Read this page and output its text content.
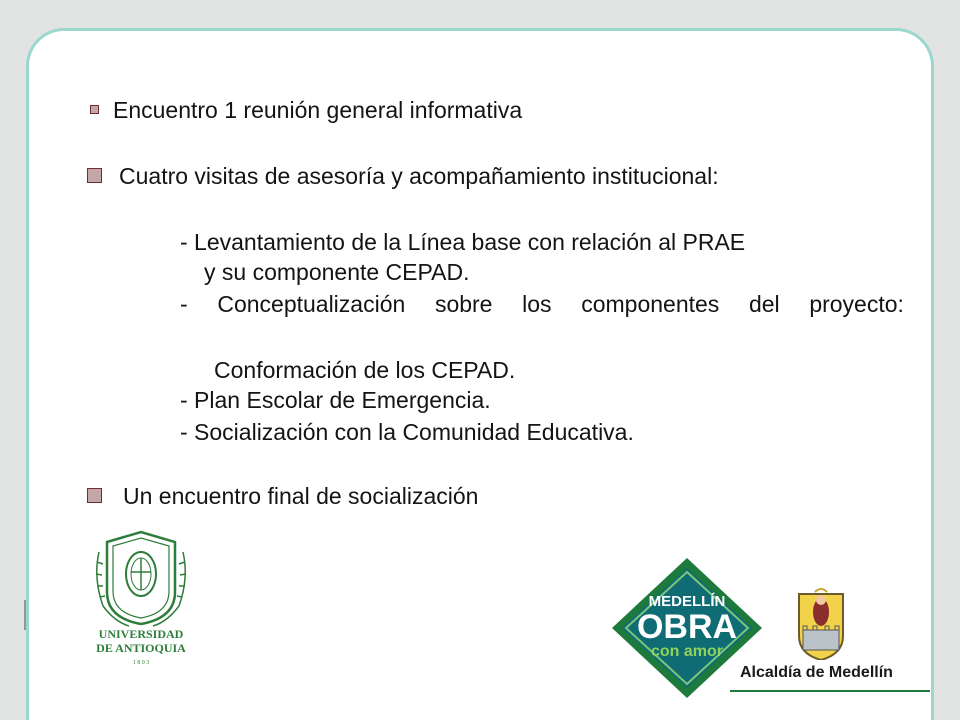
Encuentro 1 reunión general informativa
Cuatro visitas de asesoría y acompañamiento institucional:
- Levantamiento de la Línea base con relación al PRAE
y su componente CEPAD.
- Conceptualización sobre los componentes del proyecto:
Conformación de los CEPAD.
- Plan Escolar de Emergencia.
- Socialización con la Comunidad Educativa.
Un encuentro final de socialización
UNIVERSIDAD
DE ANTIOQUIA
1 8 0 3
MEDELLÍN
OBRA
con amor
Alcaldía de Medellín
